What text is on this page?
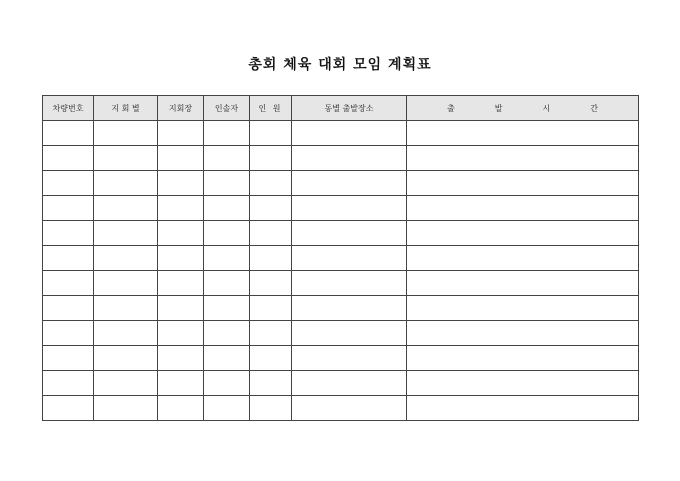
총회 체육 대회 모임 계획표
차량번호	지 회 별	지회장	인솔자	인 원	동별 출발장소	출 발 시 간
